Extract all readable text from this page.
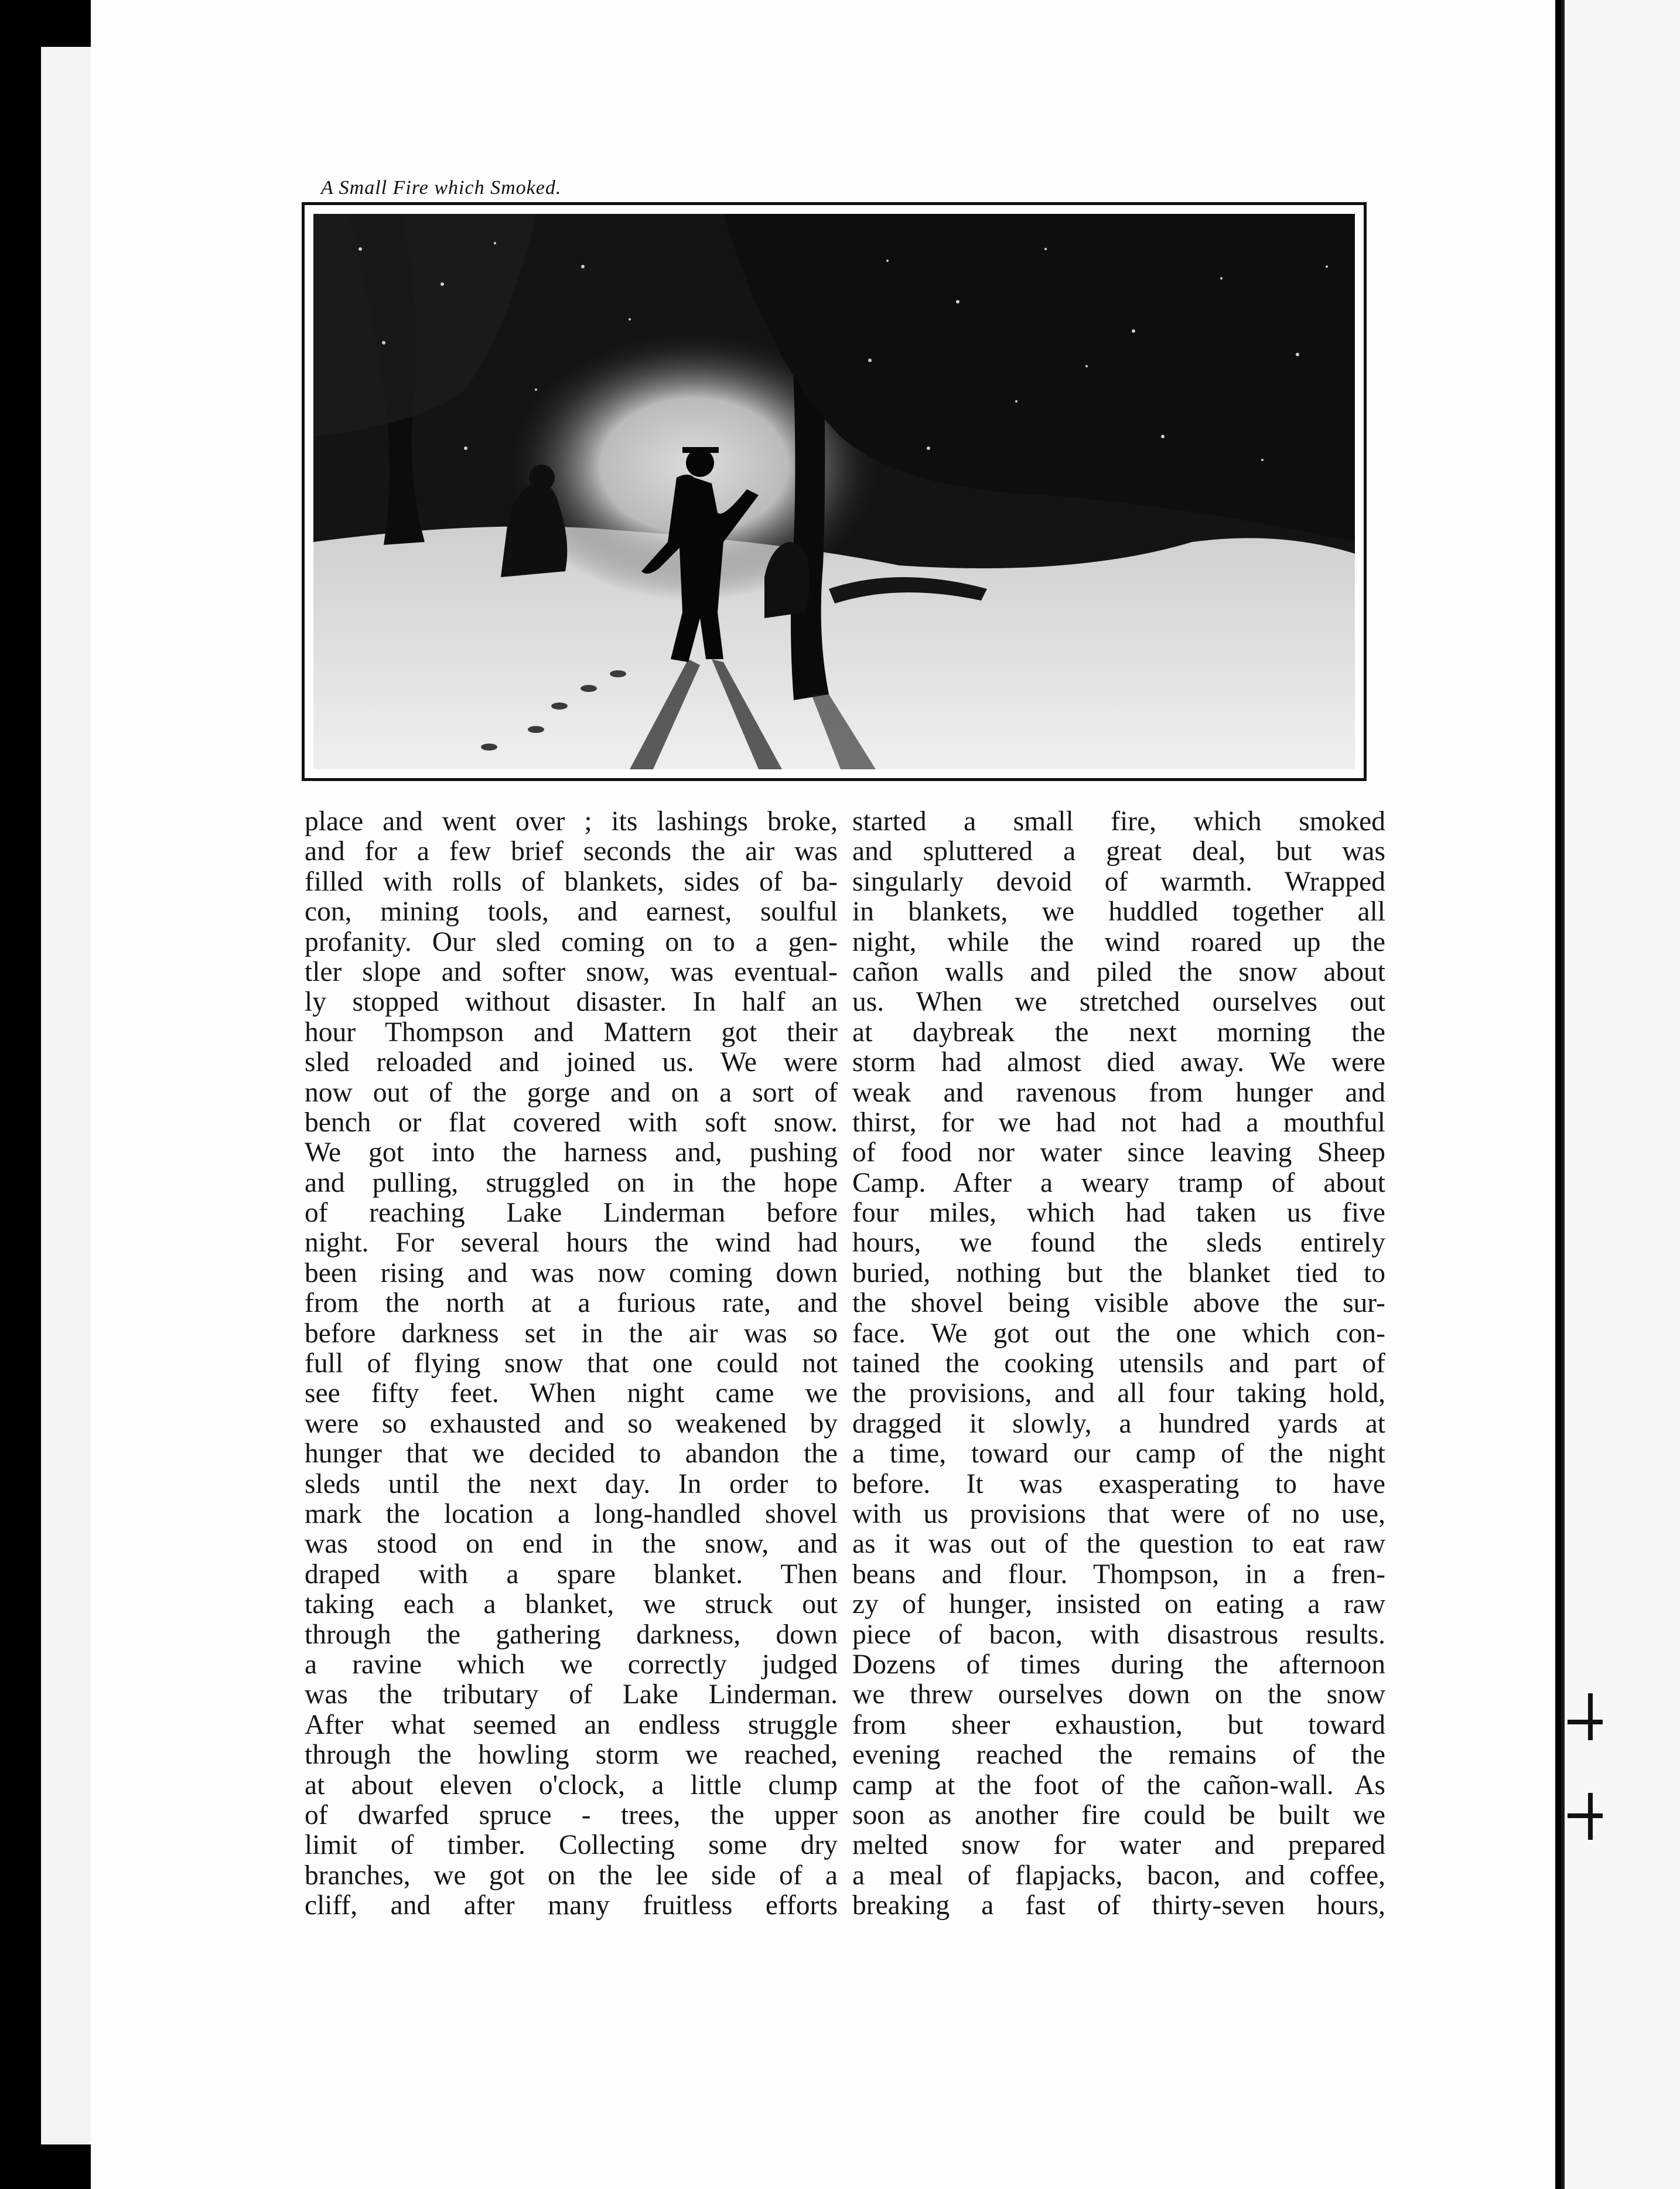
A Small Fire which Smoked.
place and went over ; its lashings broke,
and for a few brief seconds the air was
filled with rolls of blankets, sides of ba-
con, mining tools, and earnest, soulful
profanity. Our sled coming on to a gen-
tler slope and softer snow, was eventual-
ly stopped without disaster. In half an
hour Thompson and Mattern got their
sled reloaded and joined us. We were
now out of the gorge and on a sort of
bench or flat covered with soft snow.
We got into the harness and, pushing
and pulling, struggled on in the hope
of reaching Lake Linderman before
night. For several hours the wind had
been rising and was now coming down
from the north at a furious rate, and
before darkness set in the air was so
full of flying snow that one could not
see fifty feet. When night came we
were so exhausted and so weakened by
hunger that we decided to abandon the
sleds until the next day. In order to
mark the location a long-handled shovel
was stood on end in the snow, and
draped with a spare blanket. Then
taking each a blanket, we struck out
through the gathering darkness, down
a ravine which we correctly judged
was the tributary of Lake Linderman.
After what seemed an endless struggle
through the howling storm we reached,
at about eleven o'clock, a little clump
of dwarfed spruce - trees, the upper
limit of timber. Collecting some dry
branches, we got on the lee side of a
cliff, and after many fruitless efforts
started a small fire, which smoked
and spluttered a great deal, but was
singularly devoid of warmth. Wrapped
in blankets, we huddled together all
night, while the wind roared up the
cañon walls and piled the snow about
us. When we stretched ourselves out
at daybreak the next morning the
storm had almost died away. We were
weak and ravenous from hunger and
thirst, for we had not had a mouthful
of food nor water since leaving Sheep
Camp. After a weary tramp of about
four miles, which had taken us five
hours, we found the sleds entirely
buried, nothing but the blanket tied to
the shovel being visible above the sur-
face. We got out the one which con-
tained the cooking utensils and part of
the provisions, and all four taking hold,
dragged it slowly, a hundred yards at
a time, toward our camp of the night
before. It was exasperating to have
with us provisions that were of no use,
as it was out of the question to eat raw
beans and flour. Thompson, in a fren-
zy of hunger, insisted on eating a raw
piece of bacon, with disastrous results.
Dozens of times during the afternoon
we threw ourselves down on the snow
from sheer exhaustion, but toward
evening reached the remains of the
camp at the foot of the cañon-wall. As
soon as another fire could be built we
melted snow for water and prepared
a meal of flapjacks, bacon, and coffee,
breaking a fast of thirty-seven hours,
